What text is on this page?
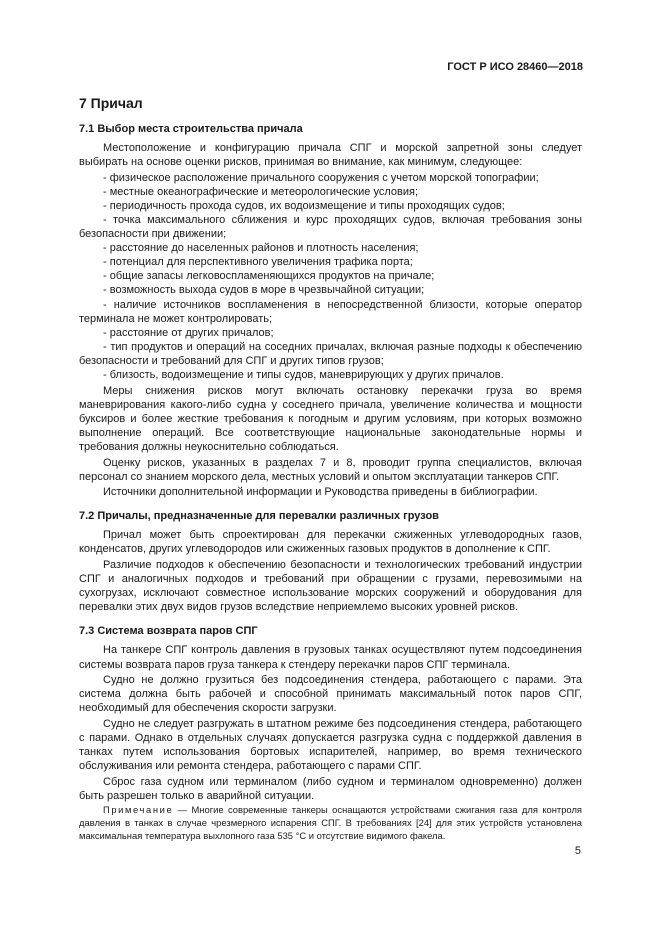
ГОСТ Р ИСО 28460—2018

7 Причал
7.1 Выбор места строительства причала

Местоположение и конфигурацию причала СПГ и морской запретной зоны следует выбирать на основе оценки рисков, принимая во внимание, как минимум, следующее:

- физическое расположение причального сооружения с учетом морской топографии;
- местные океанографические и метеорологические условия;
- периодичность прохода судов, их водоизмещение и типы проходящих судов;
- точка максимального сближения и курс проходящих судов, включая требования зоны безопасности при движении;
- расстояние до населенных районов и плотность населения;
- потенциал для перспективного увеличения трафика порта;
- общие запасы легковоспламеняющихся продуктов на причале;
- возможность выхода судов в море в чрезвычайной ситуации;
- наличие источников воспламенения в непосредственной близости, которые оператор терминала не может контролировать;
- расстояние от других причалов;
- тип продуктов и операций на соседних причалах, включая разные подходы к обеспечению безопасности и требований для СПГ и других типов грузов;
- близость, водоизмещение и типы судов, маневрирующих у других причалов.

Меры снижения рисков могут включать остановку перекачки груза во время маневрирования какого-либо судна у соседнего причала, увеличение количества и мощности буксиров и более жесткие требования к погодным и другим условиям, при которых возможно выполнение операций. Все соответствующие национальные законодательные нормы и требования должны неукоснительно соблюдаться.

Оценку рисков, указанных в разделах 7 и 8, проводит группа специалистов, включая персонал со знанием морского дела, местных условий и опытом эксплуатации танкеров СПГ.

Источники дополнительной информации и Руководства приведены в библиографии.

7.2 Причалы, предназначенные для перевалки различных грузов

Причал может быть спроектирован для перекачки сжиженных углеводородных газов, конденсатов, других углеводородов или сжиженных газовых продуктов в дополнение к СПГ.

Различие подходов к обеспечению безопасности и технологических требований индустрии СПГ и аналогичных подходов и требований при обращении с грузами, перевозимыми на сухогрузах, исключают совместное использование морских сооружений и оборудования для перевалки этих двух видов грузов вследствие неприемлемо высоких уровней рисков.

7.3 Система возврата паров СПГ

На танкере СПГ контроль давления в грузовых танках осуществляют путем подсоединения системы возврата паров груза танкера к стендеру перекачки паров СПГ терминала.

Судно не должно грузиться без подсоединения стендера, работающего с парами. Эта система должна быть рабочей и способной принимать максимальный поток паров СПГ, необходимый для обеспечения скорости загрузки.

Судно не следует разгружать в штатном режиме без подсоединения стендера, работающего с парами. Однако в отдельных случаях допускается разгрузка судна с поддержкой давления в танках путем использования бортовых испарителей, например, во время технического обслуживания или ремонта стендера, работающего с парами СПГ.

Сброс газа судном или терминалом (либо судном и терминалом одновременно) должен быть разрешен только в аварийной ситуации.

Примечание — Многие современные танкеры оснащаются устройствами сжигания газа для контроля давления в танках в случае чрезмерного испарения СПГ. В требованиях [24] для этих устройств установлена максимальная температура выхлопного газа 535 °С и отсутствие видимого факела.

5
